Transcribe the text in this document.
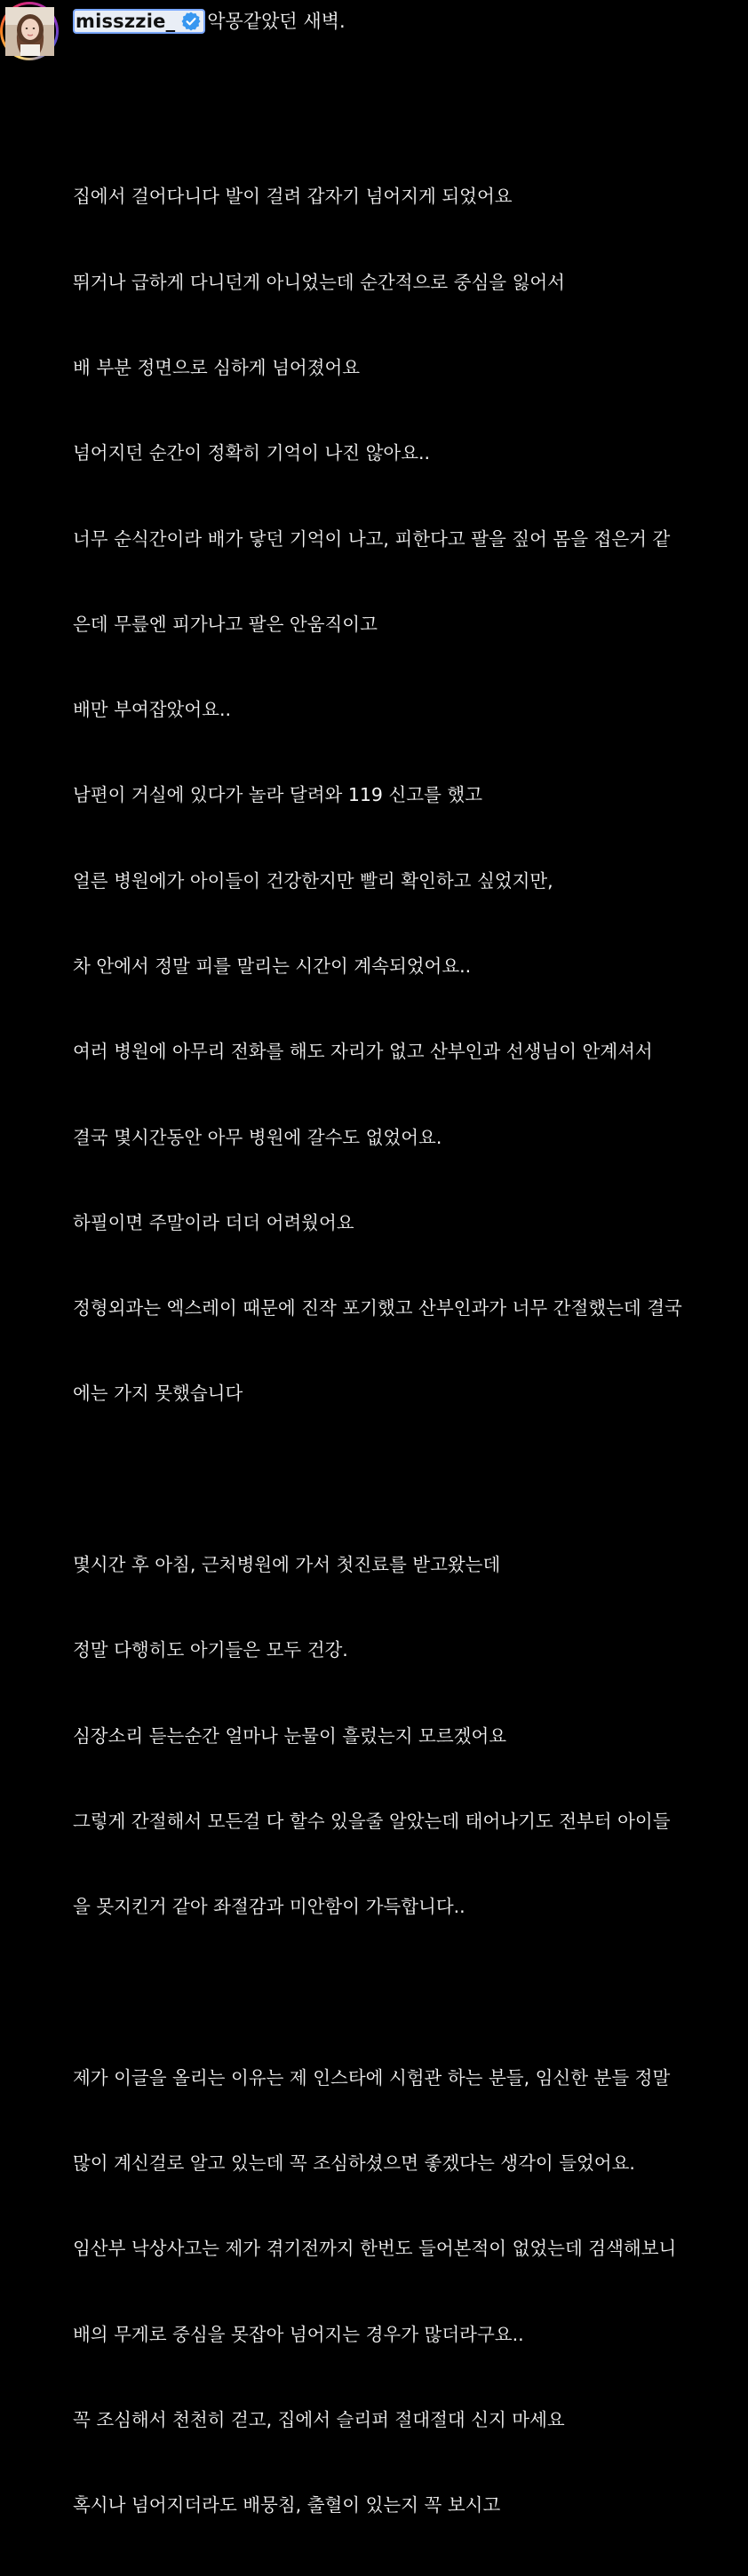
misszzie_ 악몽같았던 새벽.

집에서 걸어다니다 발이 걸려 갑자기 넘어지게 되었어요

뛰거나 급하게 다니던게 아니었는데 순간적으로 중심을 잃어서

배 부분 정면으로 심하게 넘어졌어요

넘어지던 순간이 정확히 기억이 나진 않아요..

너무 순식간이라 배가 닿던 기억이 나고, 피한다고 팔을 짚어 몸을 접은거 같

은데 무릎엔 피가나고 팔은 안움직이고

배만 부여잡았어요..

남편이 거실에 있다가 놀라 달려와 119 신고를 했고

얼른 병원에가 아이들이 건강한지만 빨리 확인하고 싶었지만,

차 안에서 정말 피를 말리는 시간이 계속되었어요..

여러 병원에 아무리 전화를 해도 자리가 없고 산부인과 선생님이 안계셔서

결국 몇시간동안 아무 병원에 갈수도 없었어요.

하필이면 주말이라 더더 어려웠어요

정형외과는 엑스레이 때문에 진작 포기했고 산부인과가 너무 간절했는데 결국

에는 가지 못했습니다

몇시간 후 아침, 근처병원에 가서 첫진료를 받고왔는데

정말 다행히도 아기들은 모두 건강.

심장소리 듣는순간 얼마나 눈물이 흘렀는지 모르겠어요

그렇게 간절해서 모든걸 다 할수 있을줄 알았는데 태어나기도 전부터 아이들

을 못지킨거 같아 좌절감과 미안함이 가득합니다..

제가 이글을 올리는 이유는 제 인스타에 시험관 하는 분들, 임신한 분들 정말

많이 계신걸로 알고 있는데 꼭 조심하셨으면 좋겠다는 생각이 들었어요.

임산부 낙상사고는 제가 겪기전까지 한번도 들어본적이 없었는데 검색해보니

배의 무게로 중심을 못잡아 넘어지는 경우가 많더라구요..

꼭 조심해서 천천히 걷고, 집에서 슬리퍼 절대절대 신지 마세요

혹시나 넘어지더라도 배뭉침, 출혈이 있는지 꼭 보시고
